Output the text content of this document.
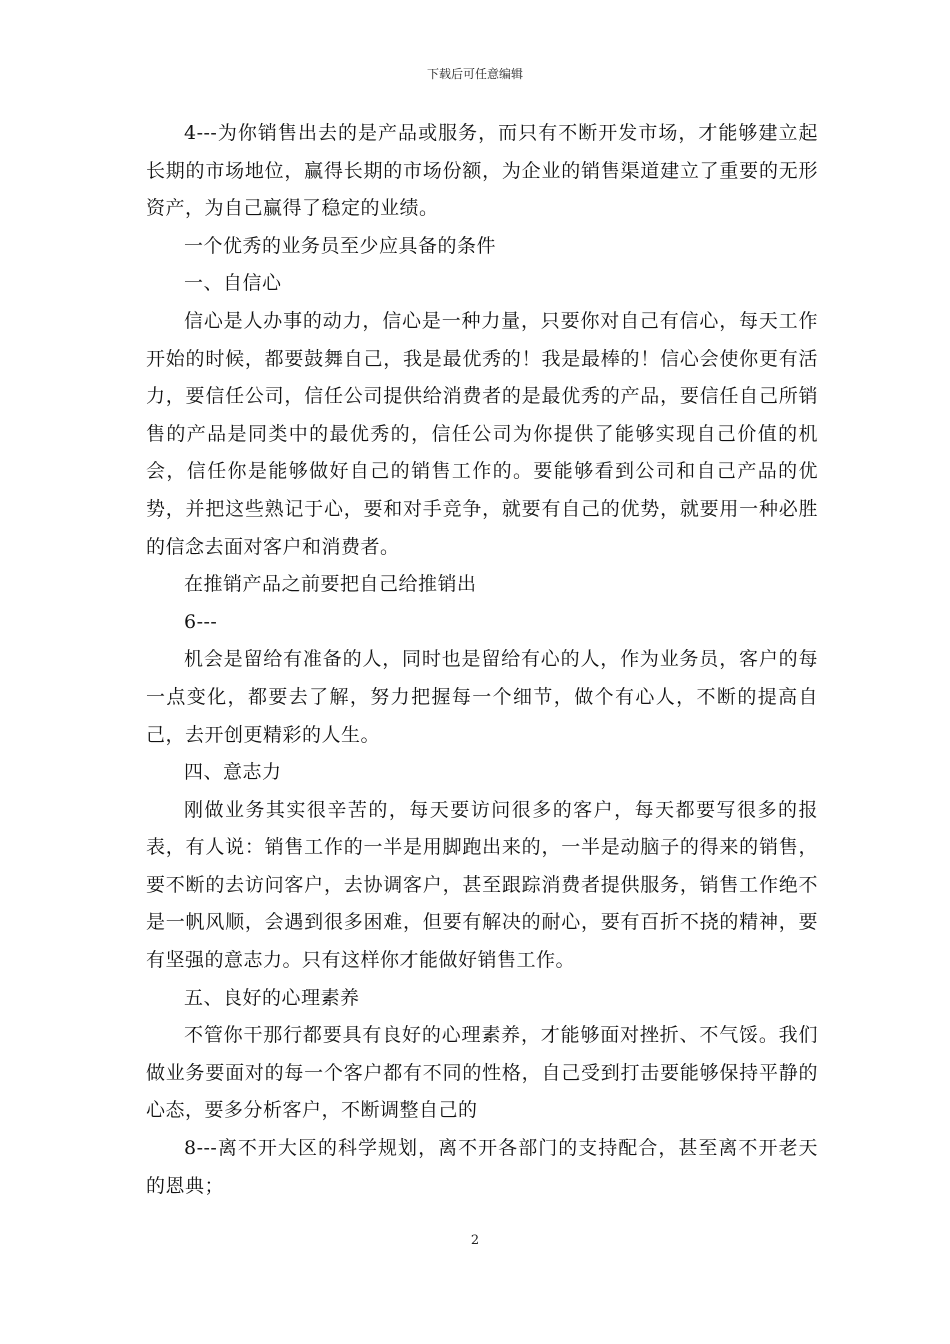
下载后可任意编辑

4---为你销售出去的是产品或服务，而只有不断开发市场，才能够建立起长期的市场地位，赢得长期的市场份额，为企业的销售渠道建立了重要的无形资产，为自己赢得了稳定的业绩。

一个优秀的业务员至少应具备的条件

一、自信心

信心是人办事的动力，信心是一种力量，只要你对自己有信心，每天工作开始的时候，都要鼓舞自己，我是最优秀的！我是最棒的！信心会使你更有活力，要信任公司，信任公司提供给消费者的是最优秀的产品，要信任自己所销售的产品是同类中的最优秀的，信任公司为你提供了能够实现自己价值的机会，信任你是能够做好自己的销售工作的。要能够看到公司和自己产品的优势，并把这些熟记于心，要和对手竞争，就要有自己的优势，就要用一种必胜的信念去面对客户和消费者。

在推销产品之前要把自己给推销出

6---

机会是留给有准备的人，同时也是留给有心的人，作为业务员，客户的每一点变化，都要去了解，努力把握每一个细节，做个有心人，不断的提高自己，去开创更精彩的人生。

四、意志力

刚做业务其实很辛苦的，每天要访问很多的客户，每天都要写很多的报表，有人说：销售工作的一半是用脚跑出来的，一半是动脑子的得来的销售，要不断的去访问客户，去协调客户，甚至跟踪消费者提供服务，销售工作绝不是一帆风顺，会遇到很多困难，但要有解决的耐心，要有百折不挠的精神，要有坚强的意志力。只有这样你才能做好销售工作。

五、良好的心理素养

不管你干那行都要具有良好的心理素养，才能够面对挫折、不气馁。我们做业务要面对的每一个客户都有不同的性格，自己受到打击要能够保持平静的心态，要多分析客户，不断调整自己的

8---离不开大区的科学规划，离不开各部门的支持配合，甚至离不开老天的恩典；

2
